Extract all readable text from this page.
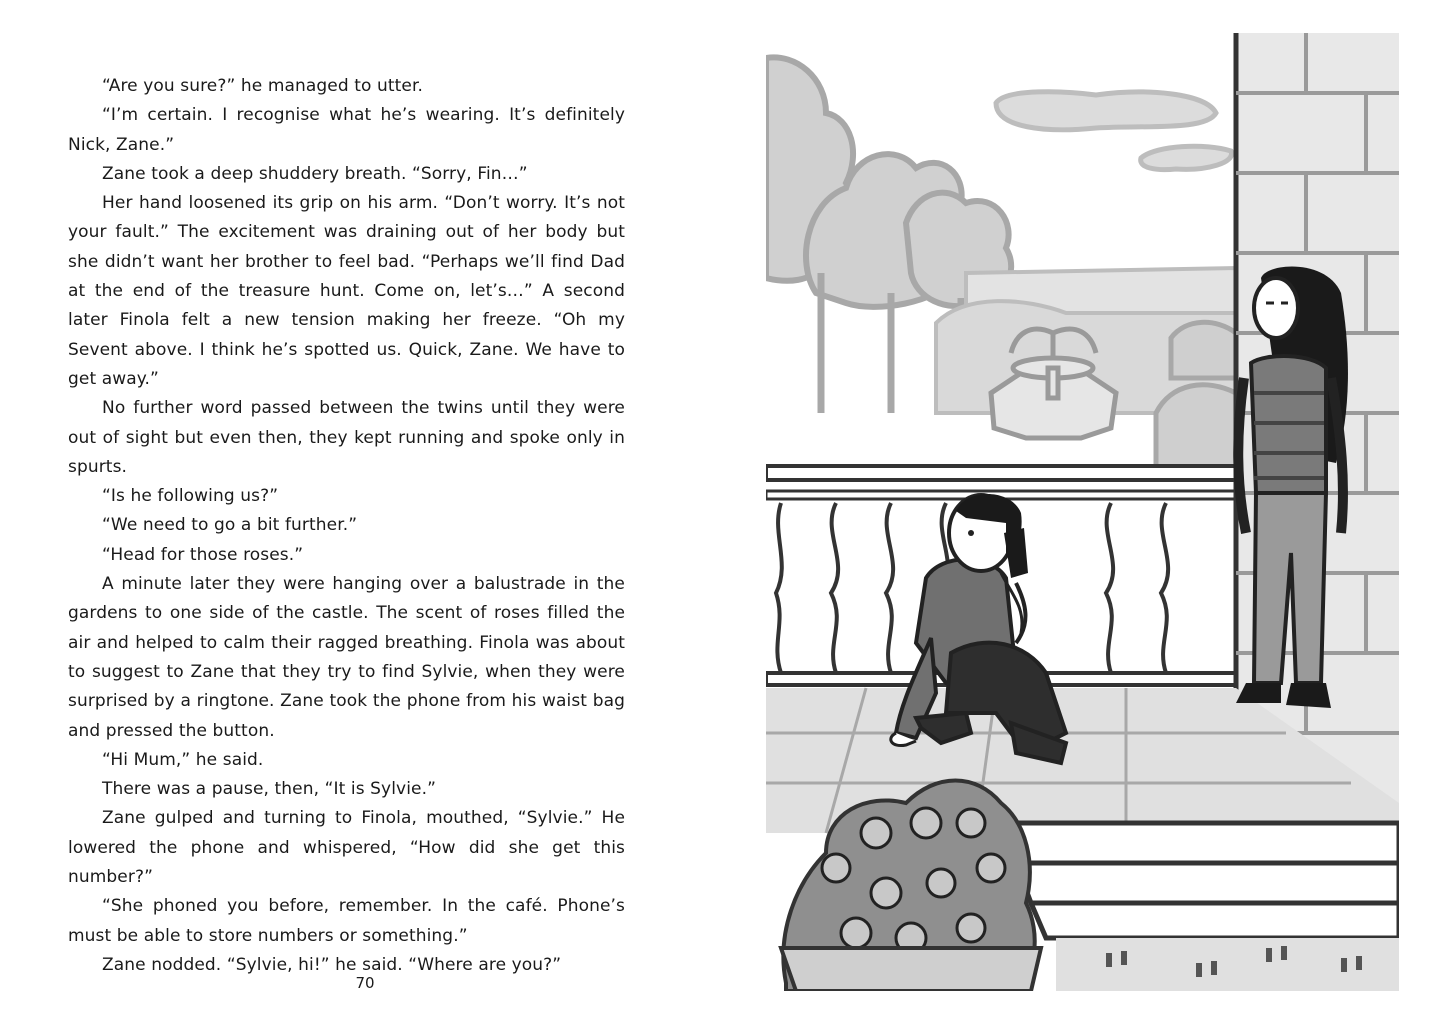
“Are you sure?” he managed to utter.

“I’m certain. I recognise what he’s wearing. It’s definitely Nick, Zane.”

Zane took a deep shuddery breath. “Sorry, Fin…”

Her hand loosened its grip on his arm. “Don’t worry. It’s not your fault.” The excitement was draining out of her body but she didn’t want her brother to feel bad. “Perhaps we’ll find Dad at the end of the treasure hunt. Come on, let’s…” A second later Finola felt a new tension making her freeze. “Oh my Sevent above. I think he’s spotted us. Quick, Zane. We have to get away.”

No further word passed between the twins until they were out of sight but even then, they kept running and spoke only in spurts.

“Is he following us?”

“We need to go a bit further.”

“Head for those roses.”

A minute later they were hanging over a balustrade in the gardens to one side of the castle. The scent of roses filled the air and helped to calm their ragged breathing. Finola was about to suggest to Zane that they try to find Sylvie, when they were surprised by a ringtone. Zane took the phone from his waist bag and pressed the button.

“Hi Mum,” he said.

There was a pause, then, “It is Sylvie.”

Zane gulped and turning to Finola, mouthed, “Sylvie.” He lowered the phone and whispered, “How did she get this number?”

“She phoned you before, remember. In the café. Phone’s must be able to store numbers or something.”

Zane nodded. “Sylvie, hi!” he said. “Where are you?”

70
